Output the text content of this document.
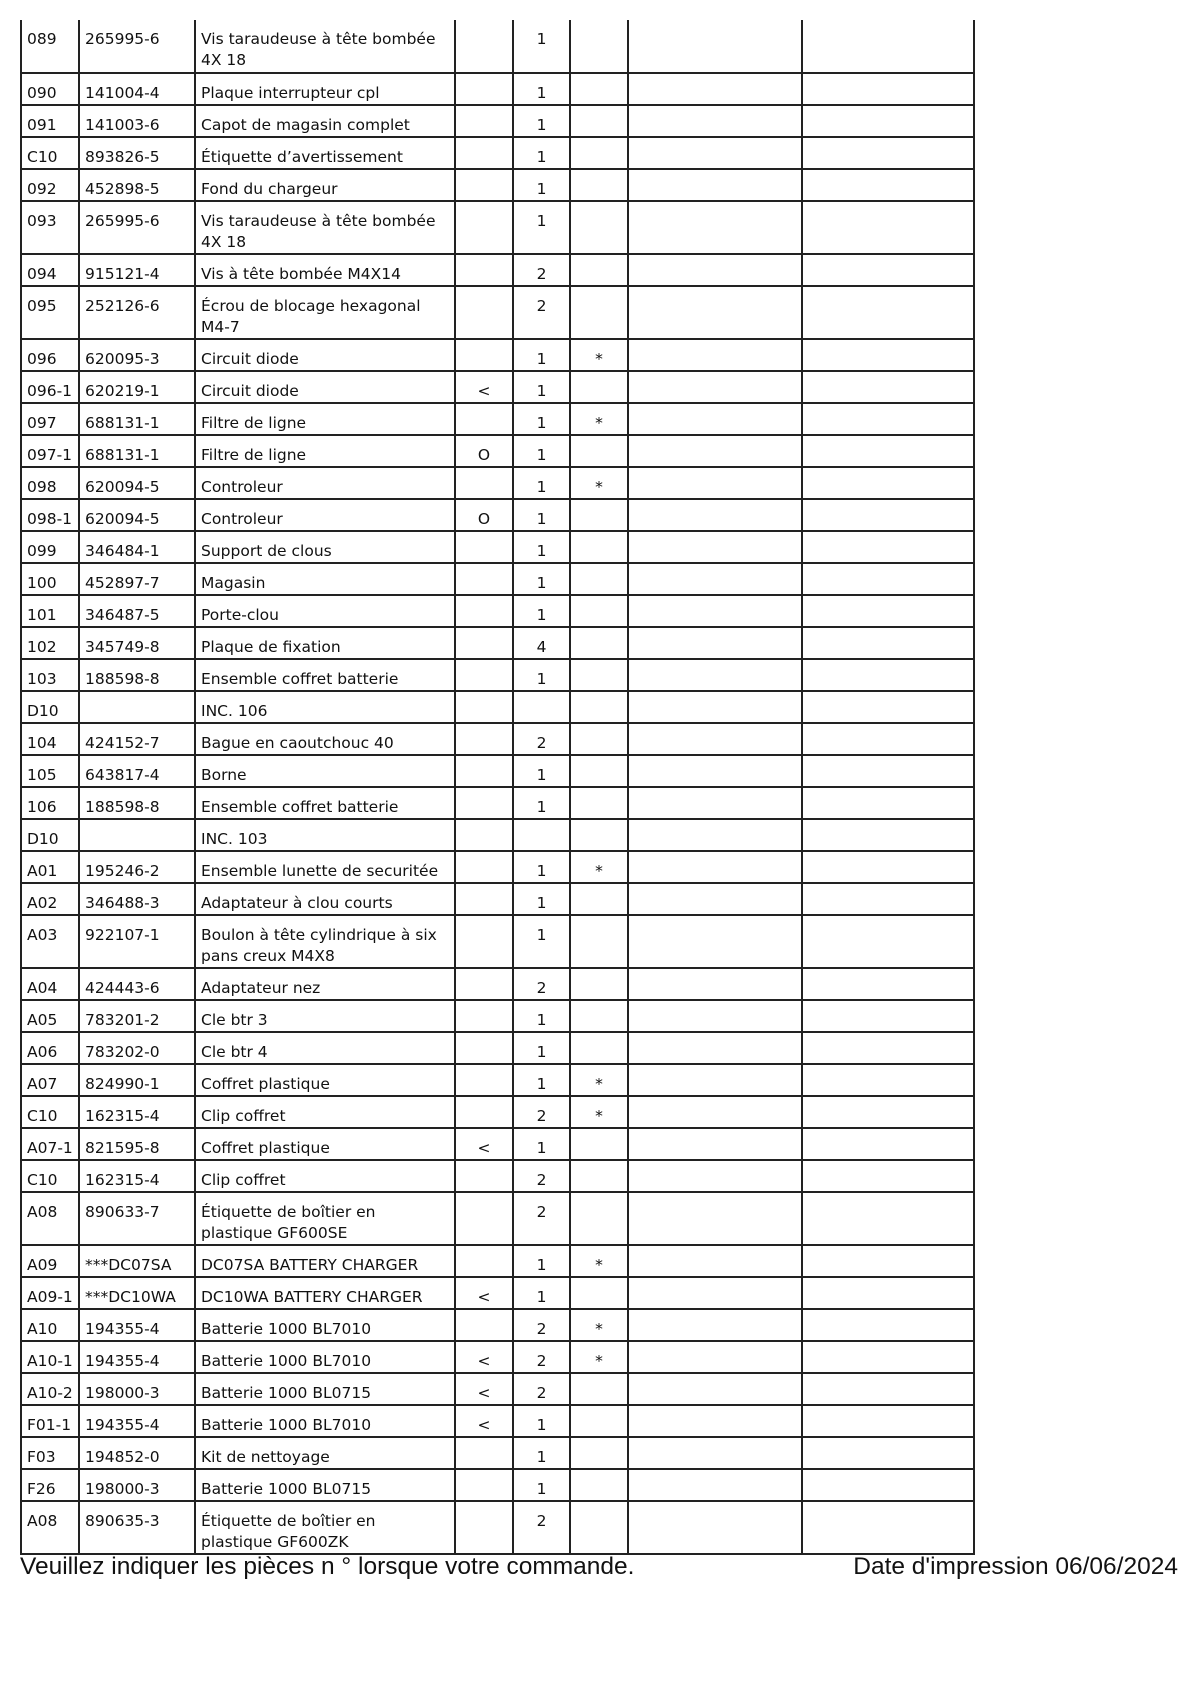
089	265995-6	Vis taraudeuse à tête bombée 4X 18		1			
090	141004-4	Plaque interrupteur cpl		1			
091	141003-6	Capot de magasin complet		1			
C10	893826-5	Étiquette d’avertissement		1			
092	452898-5	Fond du chargeur		1			
093	265995-6	Vis taraudeuse à tête bombée 4X 18		1			
094	915121-4	Vis à tête bombée M4X14		2			
095	252126-6	Écrou de blocage hexagonal M4-7		2			
096	620095-3	Circuit diode		1	*		
096-1	620219-1	Circuit diode	<	1			
097	688131-1	Filtre de ligne		1	*		
097-1	688131-1	Filtre de ligne	O	1			
098	620094-5	Controleur		1	*		
098-1	620094-5	Controleur	O	1			
099	346484-1	Support de clous		1			
100	452897-7	Magasin		1			
101	346487-5	Porte-clou		1			
102	345749-8	Plaque de fixation		4			
103	188598-8	Ensemble coffret batterie		1			
D10		INC. 106					
104	424152-7	Bague en caoutchouc 40		2			
105	643817-4	Borne		1			
106	188598-8	Ensemble coffret batterie		1			
D10		INC. 103					
A01	195246-2	Ensemble lunette de securitée		1	*		
A02	346488-3	Adaptateur à clou courts		1			
A03	922107-1	Boulon à tête cylindrique à six pans creux M4X8		1			
A04	424443-6	Adaptateur nez		2			
A05	783201-2	Cle btr 3		1			
A06	783202-0	Cle btr 4		1			
A07	824990-1	Coffret plastique		1	*		
C10	162315-4	Clip coffret		2	*		
A07-1	821595-8	Coffret plastique	<	1			
C10	162315-4	Clip coffret		2			
A08	890633-7	Étiquette de boîtier en plastique GF600SE		2			
A09	***DC07SA	DC07SA BATTERY CHARGER		1	*		
A09-1	***DC10WA	DC10WA BATTERY CHARGER	<	1			
A10	194355-4	Batterie 1000 BL7010		2	*		
A10-1	194355-4	Batterie 1000 BL7010	<	2	*		
A10-2	198000-3	Batterie 1000 BL0715	<	2			
F01-1	194355-4	Batterie 1000 BL7010	<	1			
F03	194852-0	Kit de nettoyage		1			
F26	198000-3	Batterie 1000 BL0715		1			
A08	890635-3	Étiquette de boîtier en plastique GF600ZK		2			
Veuillez indiquer les pièces n ° lorsque votre commande.	Date d'impression 06/06/2024
